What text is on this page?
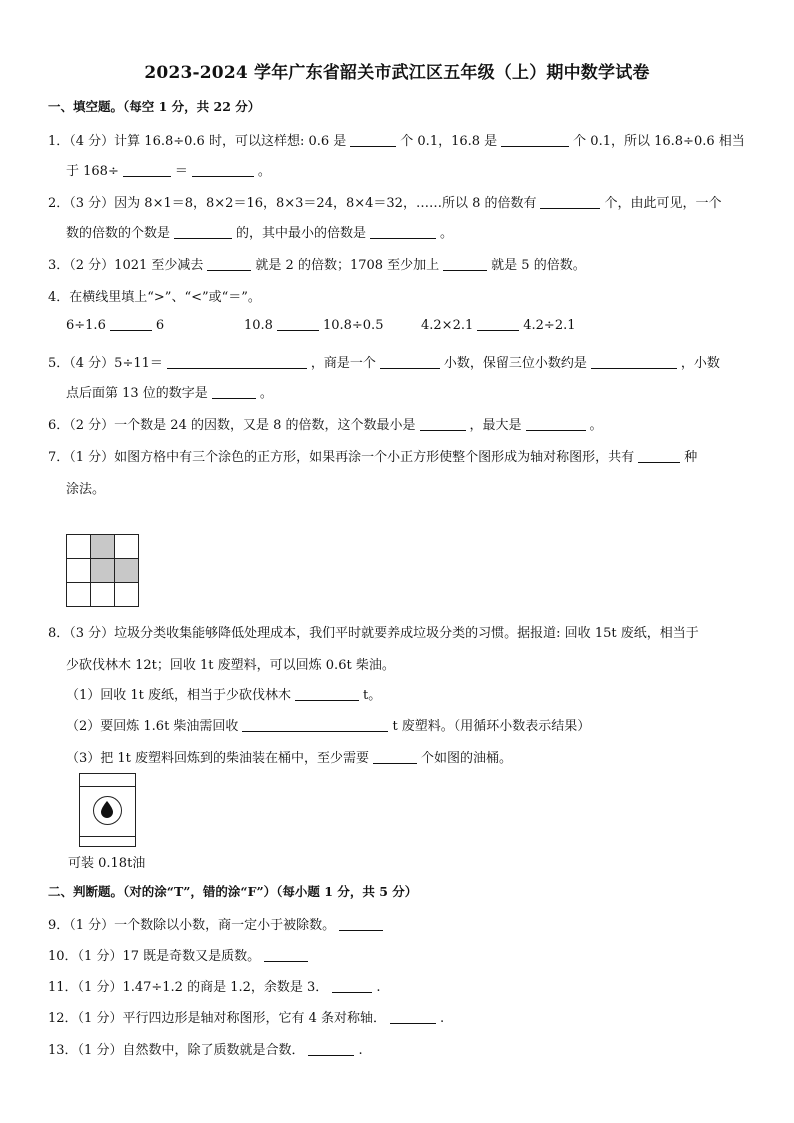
2023-2024 学年广东省韶关市武江区五年级（上）期中数学试卷
一、填空题。（每空 1 分，共 22 分）
1．（4 分）计算 16.8÷0.6 时，可以这样想: 0.6 是	个 0.1，16.8 是	个 0.1，所以 16.8÷0.6 相当
于 168÷	＝	。
2．（3 分）因为 8×1＝8，8×2＝16，8×3＝24，8×4＝32，……所以 8 的倍数有	个，由此可见，一个
数的倍数的个数是	的，其中最小的倍数是	。
3．（2 分）1021 至少减去	就是 2 的倍数；1708 至少加上	就是 5 的倍数。
4．在横线里填上“>”、“<”或“＝”。
6÷1.6	6	10.8	10.8÷0.5	4.2×2.1	4.2÷2.1
5．（4 分）5÷11＝	，商是一个	小数，保留三位小数约是	，小数
点后面第 13 位的数字是	。
6．（2 分）一个数是 24 的因数，又是 8 的倍数，这个数最小是	，最大是	。
7．（1 分）如图方格中有三个涂色的正方形，如果再涂一个小正方形使整个图形成为轴对称图形，共有	种
涂法。

8．（3 分）垃圾分类收集能够降低处理成本，我们平时就要养成垃圾分类的习惯。据报道: 回收 15t 废纸，相当于
少砍伐林木 12t；回收 1t 废塑料，可以回炼 0.6t 柴油。
（1）回收 1t 废纸，相当于少砍伐林木	t。
（2）要回炼 1.6t 柴油需回收	t 废塑料。（用循环小数表示结果）
（3）把 1t 废塑料回炼到的柴油装在桶中，至少需要	个如图的油桶。
可装 0.18t油
二、判断题。（对的涂“T”，错的涂“F”）（每小题 1 分，共 5 分）
9．（1 分）一个数除以小数，商一定小于被除数。
10．（1 分）17 既是奇数又是质数。
11．（1 分）1.47÷1.2 的商是 1.2，余数是 3．	.
12．（1 分）平行四边形是轴对称图形，它有 4 条对称轴．	.
13．（1 分）自然数中，除了质数就是合数．	.
